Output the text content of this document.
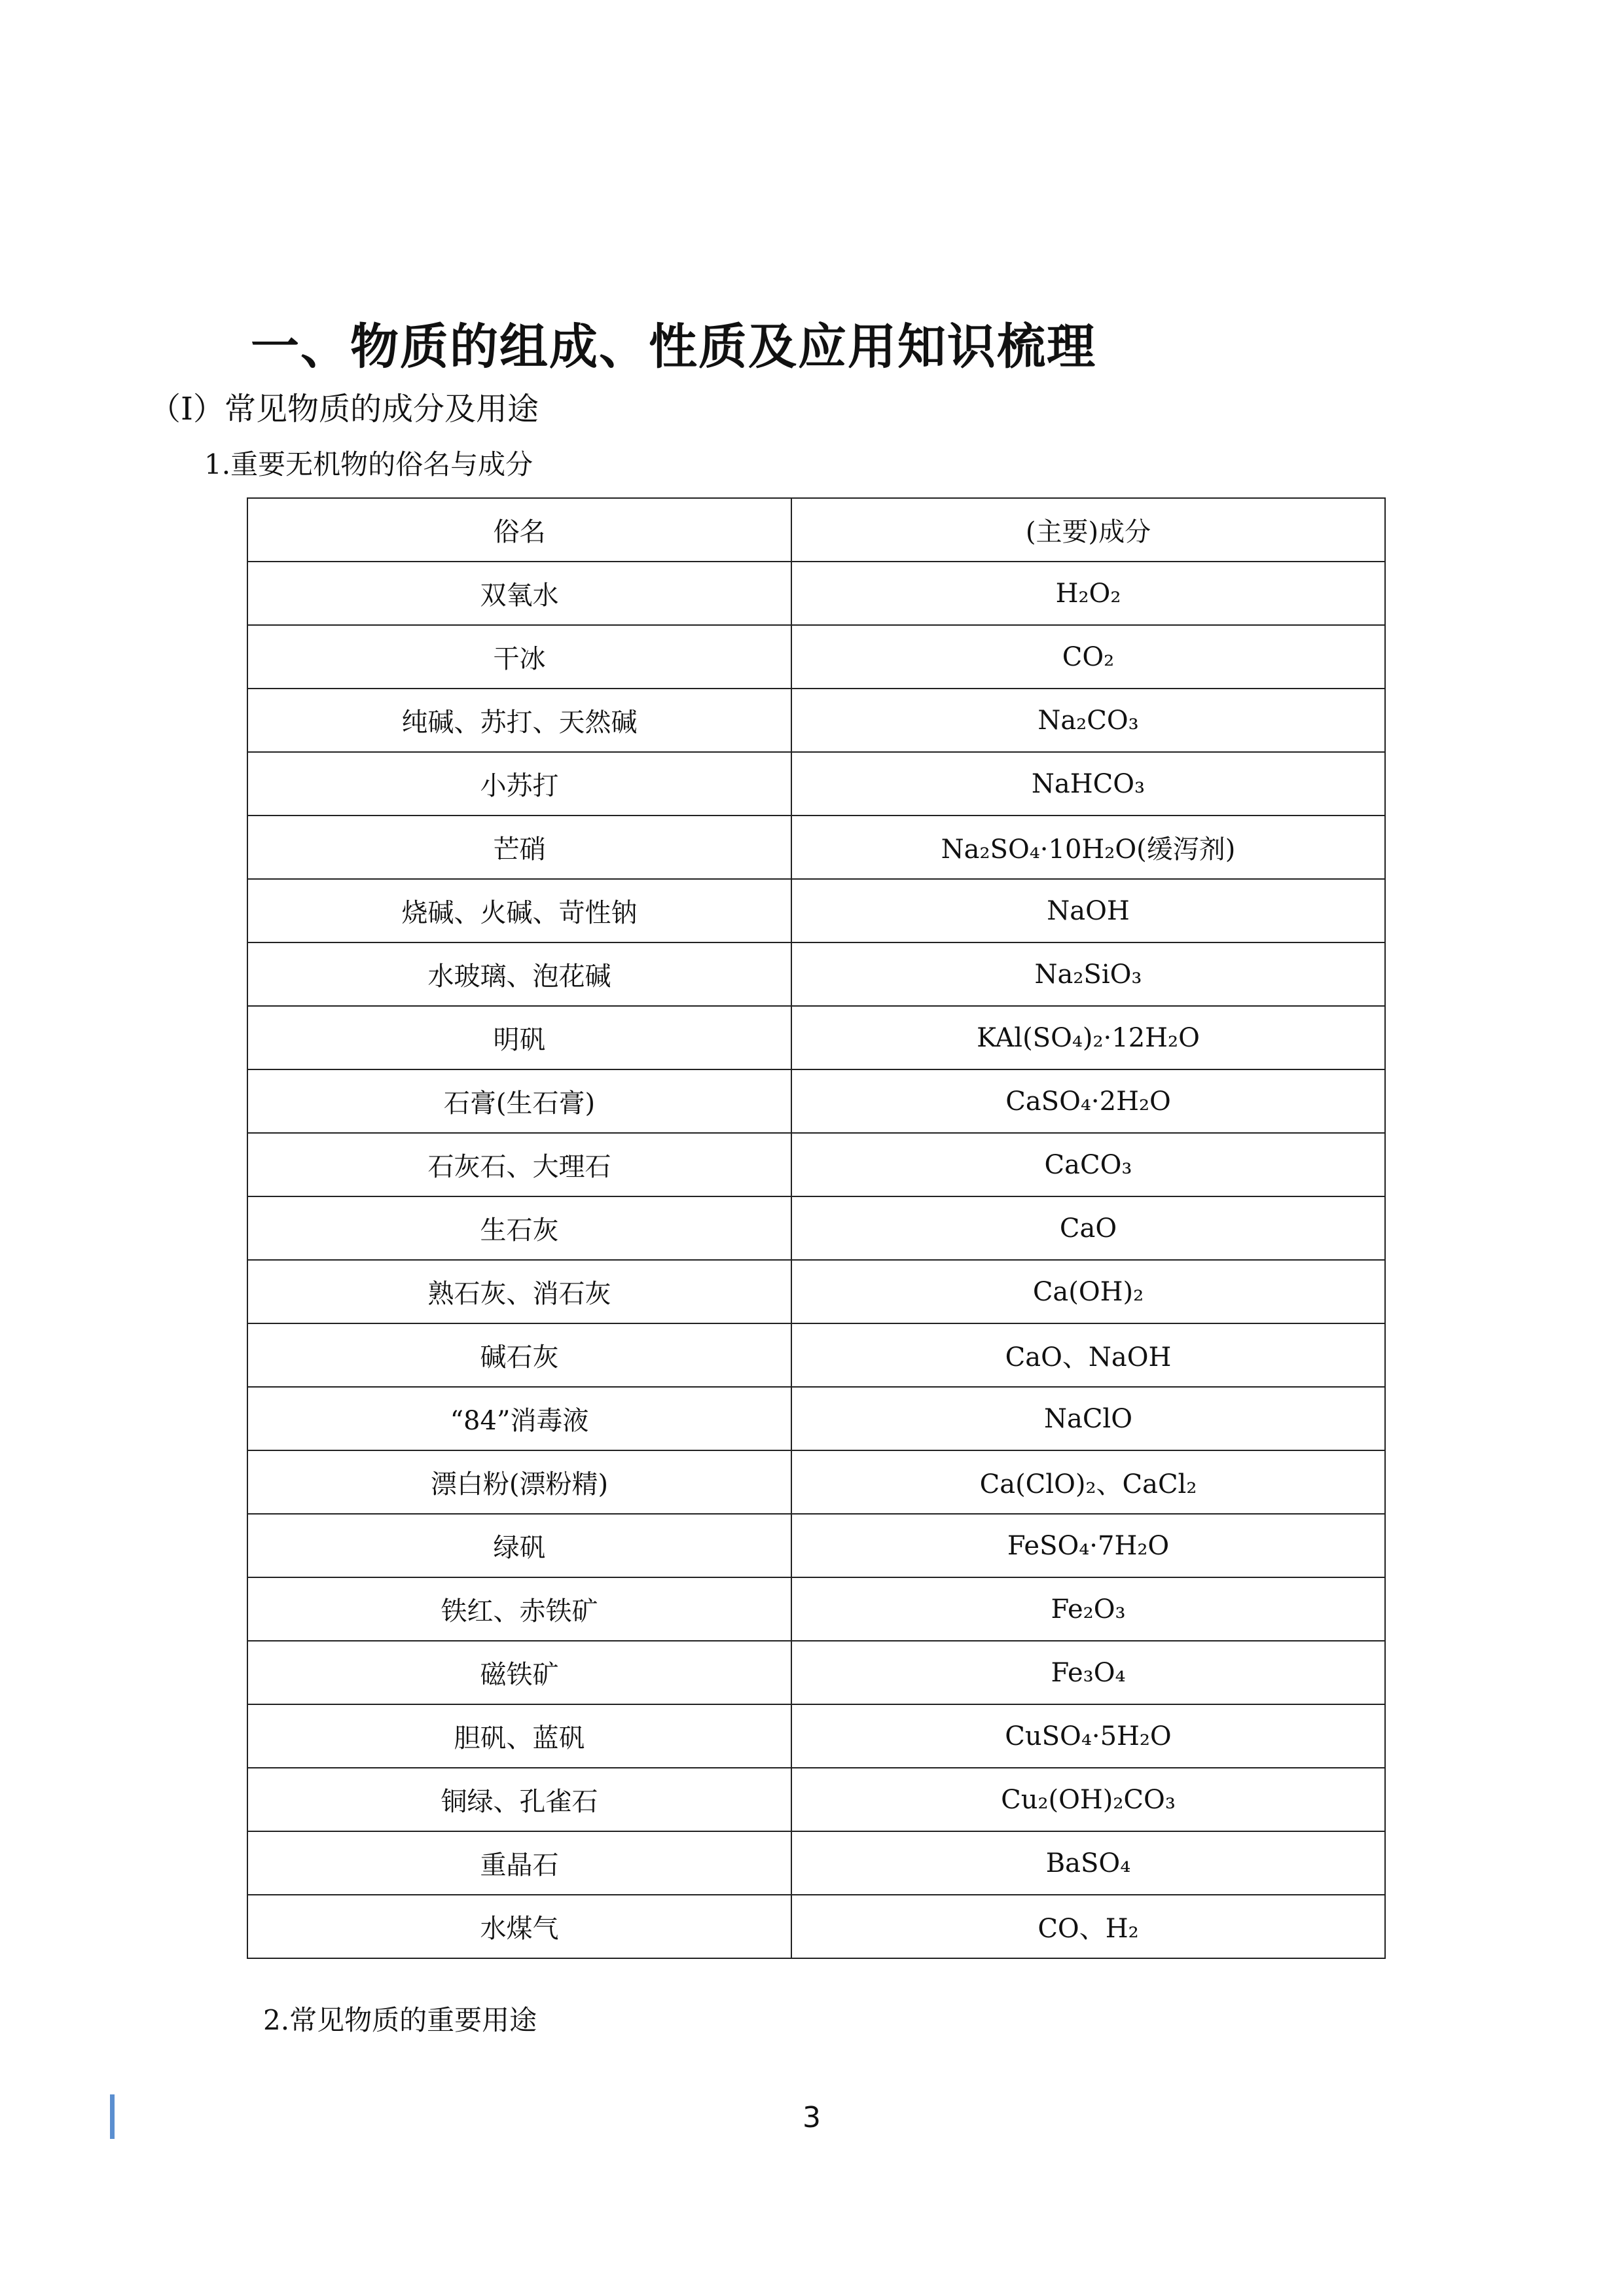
一、物质的组成、性质及应用知识梳理
（Ⅰ）常见物质的成分及用途
1.重要无机物的俗名与成分
俗名	(主要)成分
双氧水	H₂O₂
干冰	CO₂
纯碱、苏打、天然碱	Na₂CO₃
小苏打	NaHCO₃
芒硝	Na₂SO₄·10H₂O(缓泻剂)
烧碱、火碱、苛性钠	NaOH
水玻璃、泡花碱	Na₂SiO₃
明矾	KAl(SO₄)₂·12H₂O
石膏(生石膏)	CaSO₄·2H₂O
石灰石、大理石	CaCO₃
生石灰	CaO
熟石灰、消石灰	Ca(OH)₂
碱石灰	CaO、NaOH
“84”消毒液	NaClO
漂白粉(漂粉精)	Ca(ClO)₂、CaCl₂
绿矾	FeSO₄·7H₂O
铁红、赤铁矿	Fe₂O₃
磁铁矿	Fe₃O₄
胆矾、蓝矾	CuSO₄·5H₂O
铜绿、孔雀石	Cu₂(OH)₂CO₃
重晶石	BaSO₄
水煤气	CO、H₂
2.常见物质的重要用途
3
